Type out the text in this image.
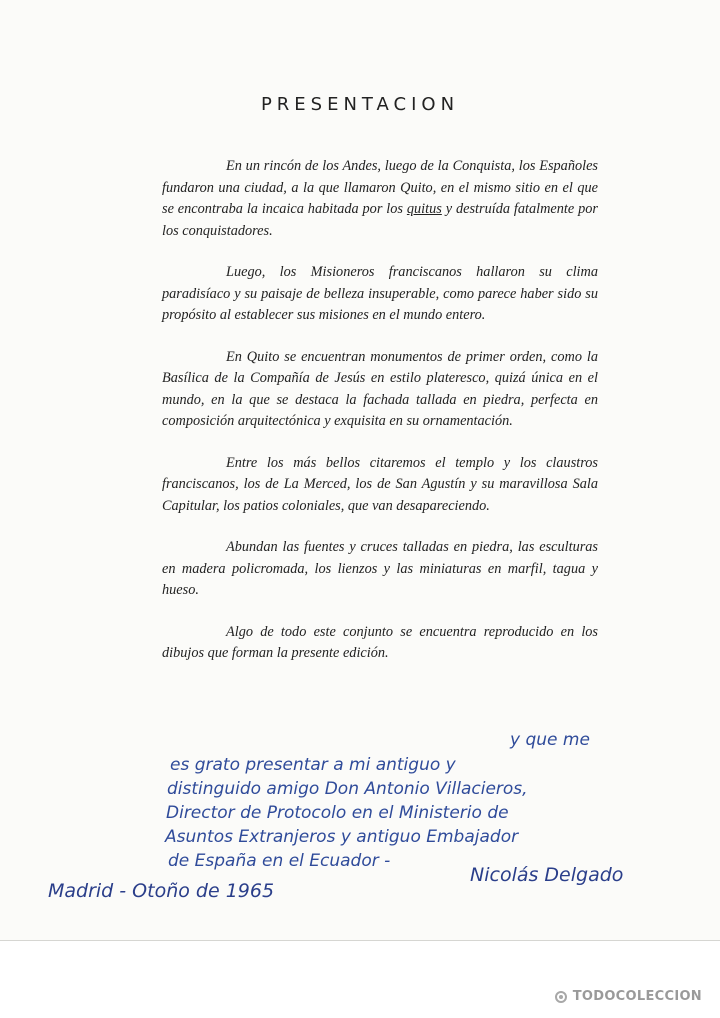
PRESENTACION

En un rincón de los Andes, luego de la Conquista, los Españoles fundaron una ciudad, a la que llamaron Quito, en el mismo sitio en el que se encontraba la incaica habitada por los quitus y destruída fatalmente por los conquistadores.

Luego, los Misioneros franciscanos hallaron su clima paradisíaco y su paisaje de belleza insuperable, como parece haber sido su propósito al establecer sus misiones en el mundo entero.

En Quito se encuentran monumentos de primer orden, como la Basílica de la Compañía de Jesús en estilo plateresco, quizá única en el mundo, en la que se destaca la fachada tallada en piedra, perfecta en composición arquitectónica y exquisita en su ornamentación.

Entre los más bellos citaremos el templo y los claustros franciscanos, los de La Merced, los de San Agustín y su maravillosa Sala Capitular, los patios coloniales, que van desapareciendo.

Abundan las fuentes y cruces talladas en piedra, las esculturas en madera policromada, los lienzos y las miniaturas en marfil, tagua y hueso.

Algo de todo este conjunto se encuentra reproducido en los dibujos que forman la presente edición.

y que me
es grato presentar a mi antiguo y
distinguido amigo Don Antonio Villacieros,
Director de Protocolo en el Ministerio de
Asuntos Extranjeros y antiguo Embajador
de España en el Ecuador -
Nicolás Delgado
Madrid - Otoño de 1965
TODOCOLECCION
